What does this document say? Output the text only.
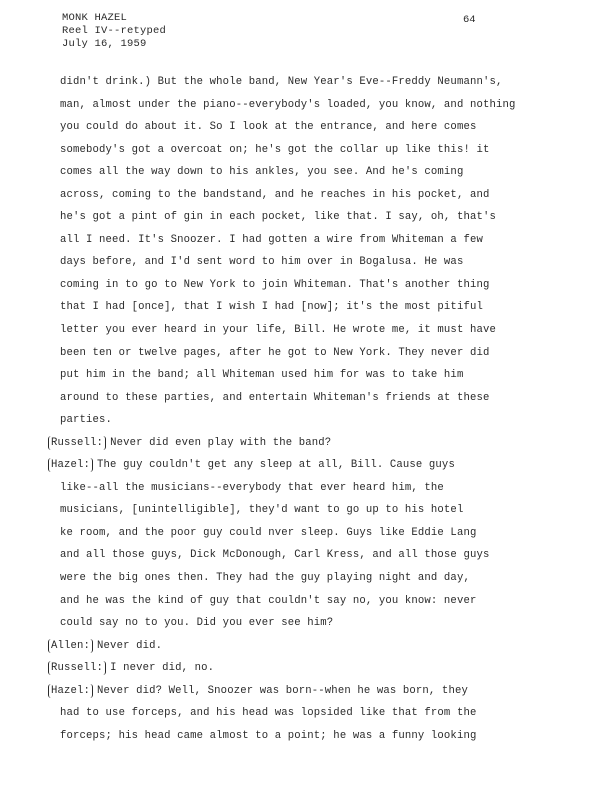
MONK HAZEL
Reel IV--retyped
July 16, 1959
64
didn't drink.) But the whole band, New Year's Eve--Freddy Neumann's,
man, almost under the piano--everybody's loaded, you know, and nothing
you could do about it. So I look at the entrance, and here comes
somebody's got a overcoat on; he's got the collar up like this! it
comes all the way down to his ankles, you see. And he's coming
across, coming to the bandstand, and he reaches in his pocket, and
he's got a pint of gin in each pocket, like that. I say, oh, that's
all I need. It's Snoozer. I had gotten a wire from Whiteman a few
days before, and I'd sent word to him over in Bogalusa. He was
coming in to go to New York to join Whiteman. That's another thing
that I had [once], that I wish I had [now]; it's the most pitiful
letter you ever heard in your life, Bill. He wrote me, it must have
been ten or twelve pages, after he got to New York. They never did
put him in the band; all Whiteman used him for was to take him
around to these parties, and entertain Whiteman's friends at these
parties.
Russell: Never did even play with the band?
Hazel: The guy couldn't get any sleep at all, Bill. Cause guys
like--all the musicians--everybody that ever heard him, the
musicians, [unintelligible], they'd want to go up to his hotel
ke room, and the poor guy could nver sleep. Guys like Eddie Lang
and all those guys, Dick McDonough, Carl Kress, and all those guys
were the big ones then. They had the guy playing night and day,
and he was the kind of guy that couldn't say no, you know: never
could say no to you. Did you ever see him?
Allen: Never did.
Russell: I never did, no.
Hazel: Never did? Well, Snoozer was born--when he was born, they
had to use forceps, and his head was lopsided like that from the
forceps; his head came almost to a point; he was a funny looking
